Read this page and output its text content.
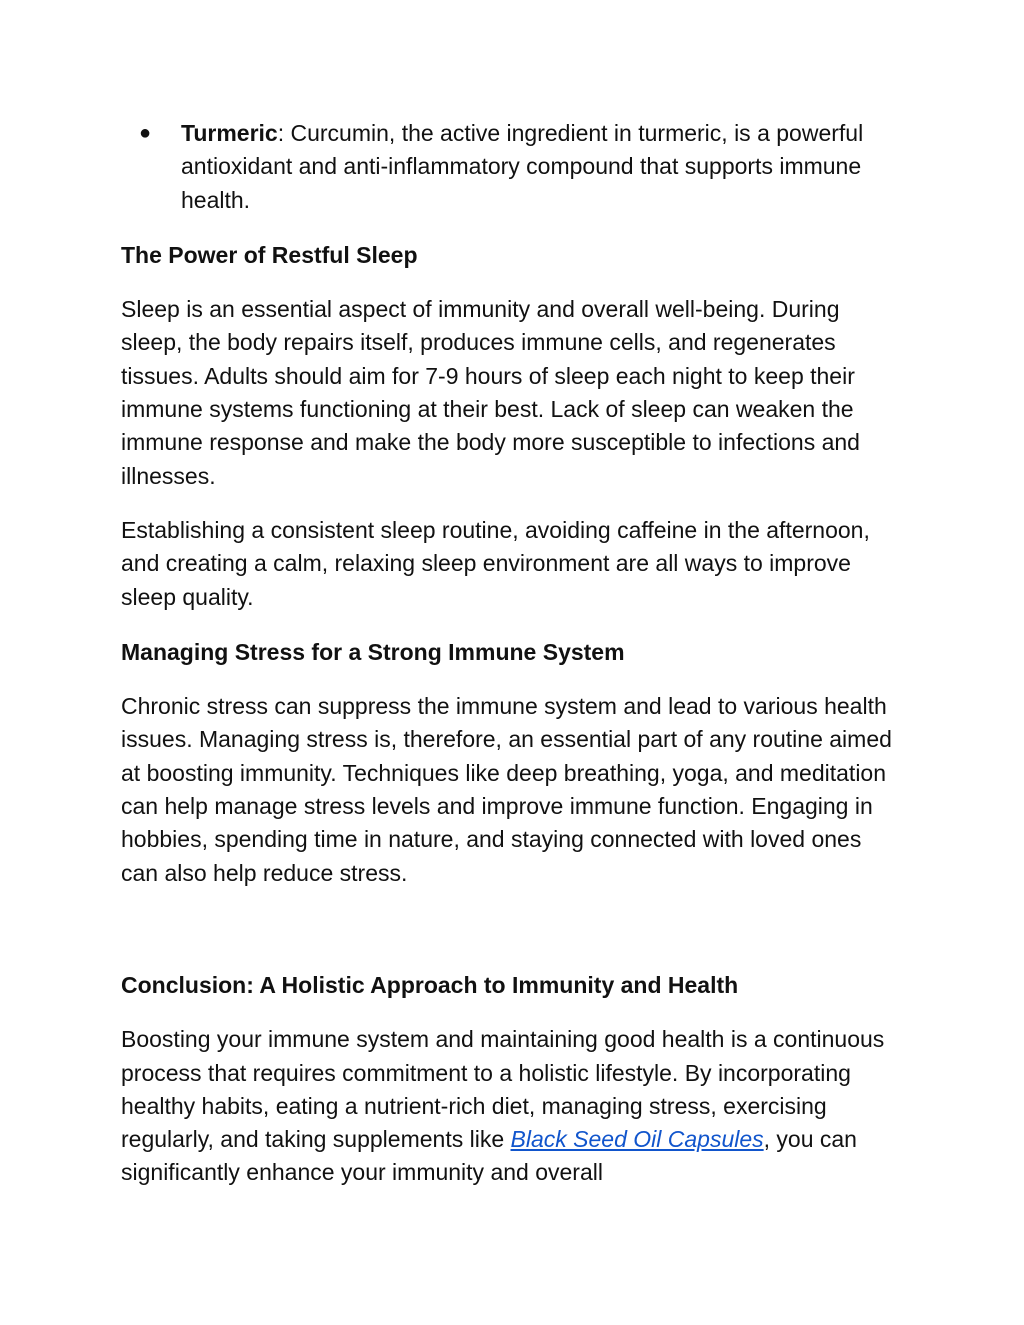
● Turmeric: Curcumin, the active ingredient in turmeric, is a powerful antioxidant and anti-inflammatory compound that supports immune health.
The Power of Restful Sleep

Sleep is an essential aspect of immunity and overall well-being. During sleep, the body repairs itself, produces immune cells, and regenerates tissues. Adults should aim for 7-9 hours of sleep each night to keep their immune systems functioning at their best. Lack of sleep can weaken the immune response and make the body more susceptible to infections and illnesses.

Establishing a consistent sleep routine, avoiding caffeine in the afternoon, and creating a calm, relaxing sleep environment are all ways to improve sleep quality.

Managing Stress for a Strong Immune System

Chronic stress can suppress the immune system and lead to various health issues. Managing stress is, therefore, an essential part of any routine aimed at boosting immunity. Techniques like deep breathing, yoga, and meditation can help manage stress levels and improve immune function. Engaging in hobbies, spending time in nature, and staying connected with loved ones can also help reduce stress.

Conclusion: A Holistic Approach to Immunity and Health

Boosting your immune system and maintaining good health is a continuous process that requires commitment to a holistic lifestyle. By incorporating healthy habits, eating a nutrient-rich diet, managing stress, exercising regularly, and taking supplements like Black Seed Oil Capsules, you can significantly enhance your immunity and overall
